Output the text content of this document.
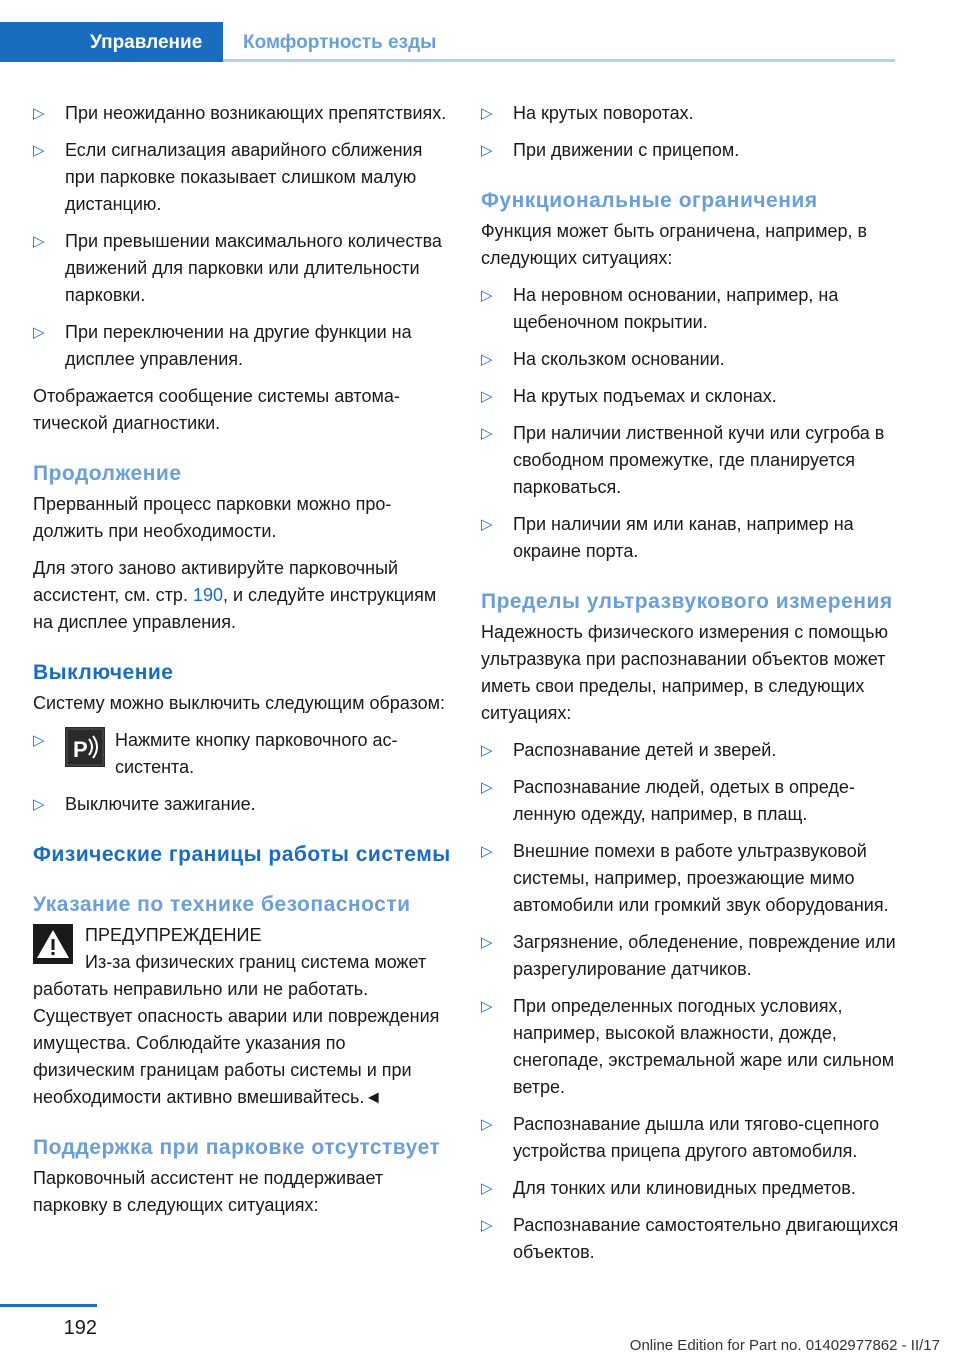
Управление	Комфортность езды
▷ При неожиданно возникающих препятствиях.
▷ Если сигнализация аварийного сближения при парковке показывает слишком малую дистанцию.
▷ При превышении максимального количества движений для парковки или длительности парковки.
▷ При переключении на другие функции на дисплее управления.

Отображается сообщение системы автоматической диагностики.

Продолжение

Прерванный процесс парковки можно продолжить при необходимости.

Для этого заново активируйте парковочный ассистент, см. стр. 190, и следуйте инструкциям на дисплее управления.

Выключение

Систему можно выключить следующим образом:

▷ P Нажмите кнопку парковочного ассистента.
▷ Выключите зажигание.
Физические границы работы системы
Указание по технике безопасности
ПРЕДУПРЕЖДЕНИЕ
Из-за физических границ система может работать неправильно или не работать. Существует опасность аварии или повреждения имущества. Соблюдайте указания по физическим границам работы системы и при необходимости активно вмешивайтесь.◄
Поддержка при парковке отсутствует

Парковочный ассистент не поддерживает парковку в следующих ситуациях:

▷ На крутых поворотах.
▷ При движении с прицепом.
Функциональные ограничения

Функция может быть ограничена, например, в следующих ситуациях:

▷ На неровном основании, например, на щебеночном покрытии.
▷ На скользком основании.
▷ На крутых подъемах и склонах.
▷ При наличии лиственной кучи или сугроба в свободном промежутке, где планируется парковаться.
▷ При наличии ям или канав, например на окраине порта.
Пределы ультразвукового измерения

Надежность физического измерения с помощью ультразвука при распознавании объектов может иметь свои пределы, например, в следующих ситуациях:

▷ Распознавание детей и зверей.
▷ Распознавание людей, одетых в определенную одежду, например, в плащ.
▷ Внешние помехи в работе ультразвуковой системы, например, проезжающие мимо автомобили или громкий звук оборудования.
▷ Загрязнение, обледенение, повреждение или разрегулирование датчиков.
▷ При определенных погодных условиях, например, высокой влажности, дожде, снегопаде, экстремальной жаре или сильном ветре.
▷ Распознавание дышла или тягово-сцепного устройства прицепа другого автомобиля.
▷ Для тонких или клиновидных предметов.
▷ Распознавание самостоятельно двигающихся объектов.
192
Online Edition for Part no. 01402977862 - II/17
